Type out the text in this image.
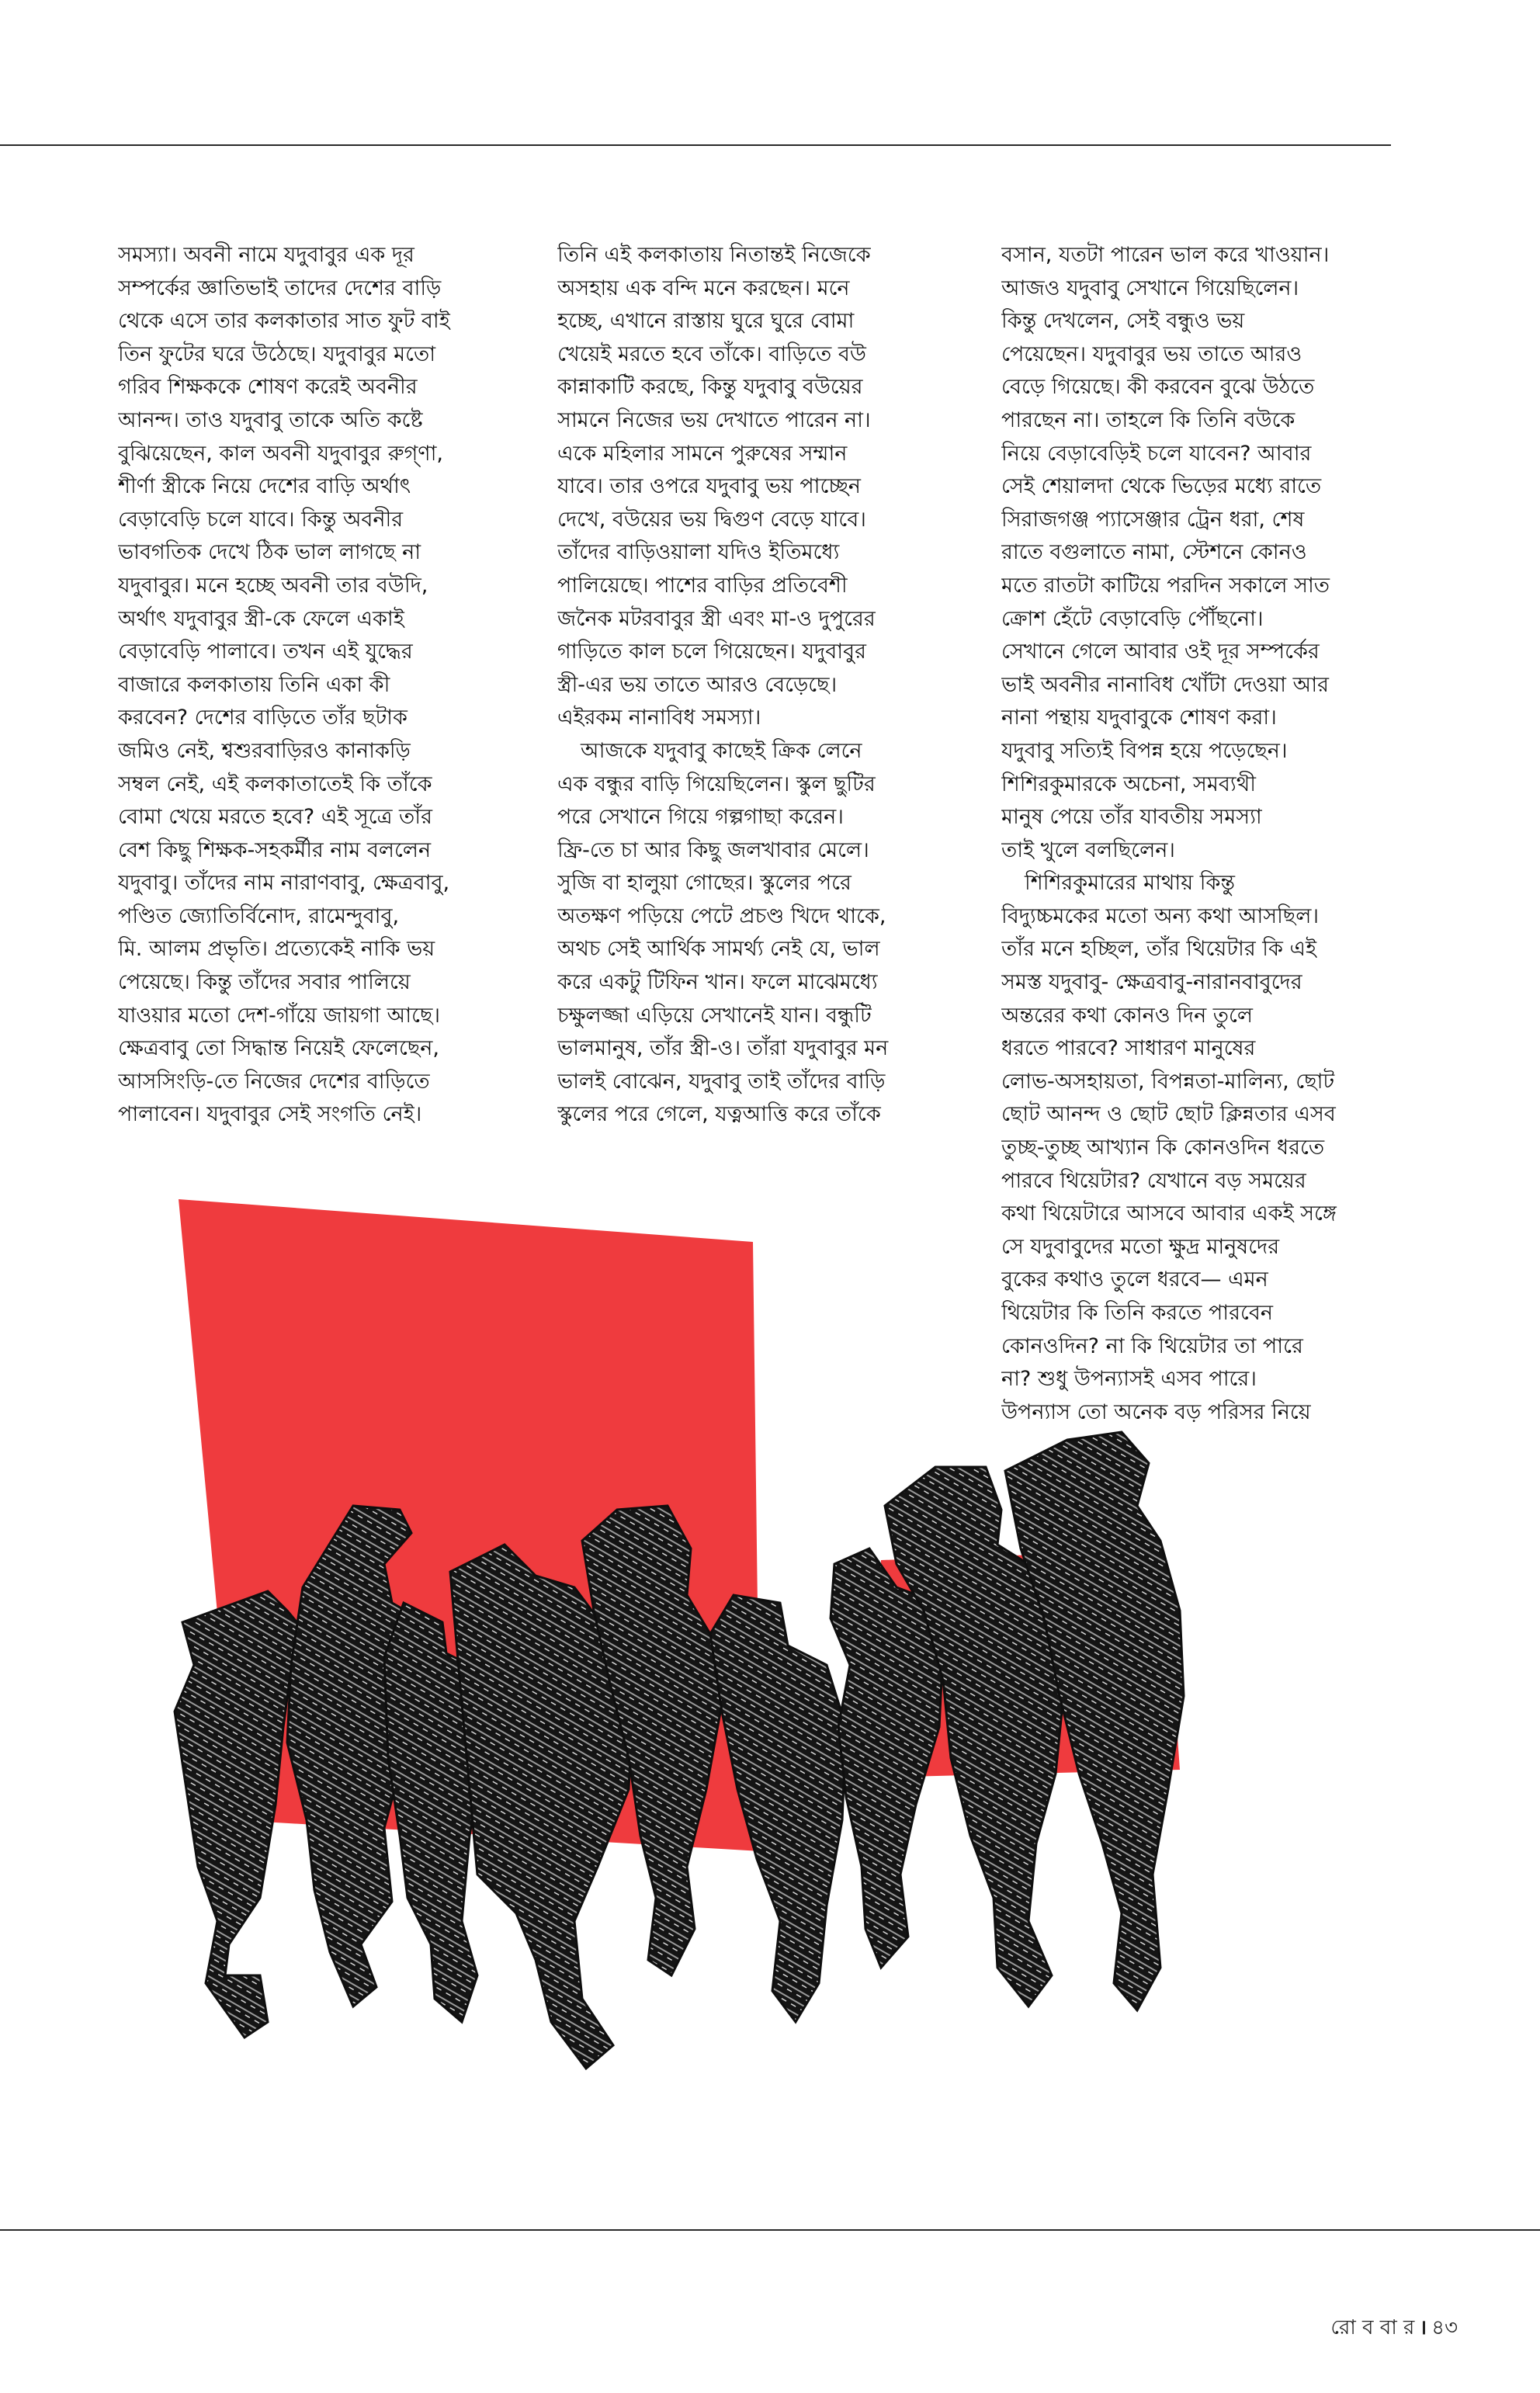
সমস্যা। অবনী নামে যদুবাবুর এক দূর
সম্পর্কের জ্ঞাতিভাই তাদের দেশের বাড়ি
থেকে এসে তার কলকাতার সাত ফুট বাই
তিন ফুটের ঘরে উঠেছে। যদুবাবুর মতো
গরিব শিক্ষককে শোষণ করেই অবনীর
আনন্দ। তাও যদুবাবু তাকে অতি কষ্টে
বুঝিয়েছেন, কাল অবনী যদুবাবুর রুগ্‌ণা,
শীর্ণা স্ত্রীকে নিয়ে দেশের বাড়ি অর্থাৎ
বেড়াবেড়ি চলে যাবে। কিন্তু অবনীর
ভাবগতিক দেখে ঠিক ভাল লাগছে না
যদুবাবুর। মনে হচ্ছে অবনী তার বউদি,
অর্থাৎ যদুবাবুর স্ত্রী-কে ফেলে একাই
বেড়াবেড়ি পালাবে। তখন এই যুদ্ধের
বাজারে কলকাতায় তিনি একা কী
করবেন? দেশের বাড়িতে তাঁর ছটাক
জমিও নেই, শ্বশুরবাড়িরও কানাকড়ি
সম্বল নেই, এই কলকাতাতেই কি তাঁকে
বোমা খেয়ে মরতে হবে? এই সূত্রে তাঁর
বেশ কিছু শিক্ষক-সহকর্মীর নাম বললেন
যদুবাবু। তাঁদের নাম নারাণবাবু, ক্ষেত্রবাবু,
পণ্ডিত জ্যোতির্বিনোদ, রামেন্দুবাবু,
মি. আলম প্রভৃতি। প্রত্যেকেই নাকি ভয়
পেয়েছে। কিন্তু তাঁদের সবার পালিয়ে
যাওয়ার মতো দেশ-গাঁয়ে জায়গা আছে।
ক্ষেত্রবাবু তো সিদ্ধান্ত নিয়েই ফেলেছেন,
আসসিংড়ি-তে নিজের দেশের বাড়িতে
পালাবেন। যদুবাবুর সেই সংগতি নেই।
তিনি এই কলকাতায় নিতান্তই নিজেকে
অসহায় এক বন্দি মনে করছেন। মনে
হচ্ছে, এখানে রাস্তায় ঘুরে ঘুরে বোমা
খেয়েই মরতে হবে তাঁকে। বাড়িতে বউ
কান্নাকাটি করছে, কিন্তু যদুবাবু বউয়ের
সামনে নিজের ভয় দেখাতে পারেন না।
একে মহিলার সামনে পুরুষের সম্মান
যাবে। তার ওপরে যদুবাবু ভয় পাচ্ছেন
দেখে, বউয়ের ভয় দ্বিগুণ বেড়ে যাবে।
তাঁদের বাড়িওয়ালা যদিও ইতিমধ্যে
পালিয়েছে। পাশের বাড়ির প্রতিবেশী
জনৈক মটরবাবুর স্ত্রী এবং মা-ও দুপুরের
গাড়িতে কাল চলে গিয়েছেন। যদুবাবুর
স্ত্রী-এর ভয় তাতে আরও বেড়েছে।
এইরকম নানাবিধ সমস্যা।
আজকে যদুবাবু কাছেই ক্রিক লেনে
এক বন্ধুর বাড়ি গিয়েছিলেন। স্কুল ছুটির
পরে সেখানে গিয়ে গল্পগাছা করেন।
ফ্রি-তে চা আর কিছু জলখাবার মেলে।
সুজি বা হালুয়া গোছের। স্কুলের পরে
অতক্ষণ পড়িয়ে পেটে প্রচণ্ড খিদে থাকে,
অথচ সেই আর্থিক সামর্থ্য নেই যে, ভাল
করে একটু টিফিন খান। ফলে মাঝেমধ্যে
চক্ষুলজ্জা এড়িয়ে সেখানেই যান। বন্ধুটি
ভালমানুষ, তাঁর স্ত্রী-ও। তাঁরা যদুবাবুর মন
ভালই বোঝেন, যদুবাবু তাই তাঁদের বাড়ি
স্কুলের পরে গেলে, যত্নআত্তি করে তাঁকে
বসান, যতটা পারেন ভাল করে খাওয়ান।
আজও যদুবাবু সেখানে গিয়েছিলেন।
কিন্তু দেখলেন, সেই বন্ধুও ভয়
পেয়েছেন। যদুবাবুর ভয় তাতে আরও
বেড়ে গিয়েছে। কী করবেন বুঝে উঠতে
পারছেন না। তাহলে কি তিনি বউকে
নিয়ে বেড়াবেড়িই চলে যাবেন? আবার
সেই শেয়ালদা থেকে ভিড়ের মধ্যে রাতে
সিরাজগঞ্জ প্যাসেঞ্জার ট্রেন ধরা, শেষ
রাতে বগুলাতে নামা, স্টেশনে কোনও
মতে রাতটা কাটিয়ে পরদিন সকালে সাত
ক্রোশ হেঁটে বেড়াবেড়ি পৌঁছনো।
সেখানে গেলে আবার ওই দূর সম্পর্কের
ভাই অবনীর নানাবিধ খোঁটা দেওয়া আর
নানা পন্থায় যদুবাবুকে শোষণ করা।
যদুবাবু সত্যিই বিপন্ন হয়ে পড়েছেন।
শিশিরকুমারকে অচেনা, সমব্যথী
মানুষ পেয়ে তাঁর যাবতীয় সমস্যা
তাই খুলে বলছিলেন।
শিশিরকুমারের মাথায় কিন্তু
বিদ্যুচ্চমকের মতো অন্য কথা আসছিল।
তাঁর মনে হচ্ছিল, তাঁর থিয়েটার কি এই
সমস্ত যদুবাবু- ক্ষেত্রবাবু-নারানবাবুদের
অন্তরের কথা কোনও দিন তুলে
ধরতে পারবে? সাধারণ মানুষের
লোভ-অসহায়তা, বিপন্নতা-মালিন্য, ছোট
ছোট আনন্দ ও ছোট ছোট ক্লিন্নতার এসব
তুচ্ছ-তুচ্ছ আখ্যান কি কোনওদিন ধরতে
পারবে থিয়েটার? যেখানে বড় সময়ের
কথা থিয়েটারে আসবে আবার একই সঙ্গে
সে যদুবাবুদের মতো ক্ষুদ্র মানুষদের
বুকের কথাও তুলে ধরবে— এমন
থিয়েটার কি তিনি করতে পারবেন
কোনওদিন? না কি থিয়েটার তা পারে
না? শুধু উপন্যাসই এসব পারে।
উপন্যাস তো অনেক বড় পরিসর নিয়ে
রো ব বা র । ৪৩
